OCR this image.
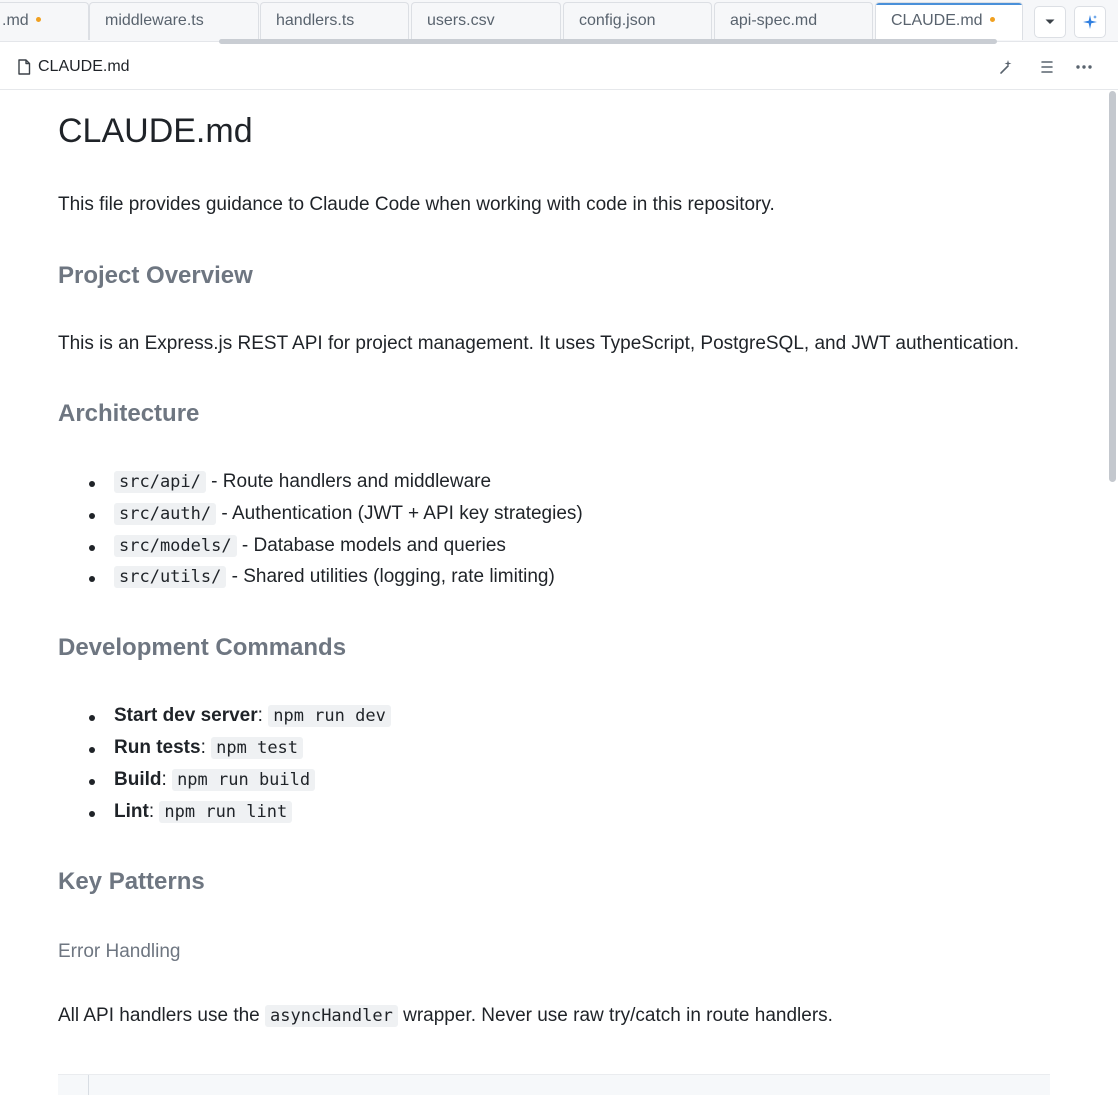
.md	middleware.ts	handlers.ts	users.csv	config.json	api-spec.md	CLAUDE.md
CLAUDE.md
CLAUDE.md
This file provides guidance to Claude Code when working with code in this repository.
Project Overview
This is an Express.js REST API for project management. It uses TypeScript, PostgreSQL, and JWT authentication.
Architecture
src/api/ - Route handlers and middleware
src/auth/ - Authentication (JWT + API key strategies)
src/models/ - Database models and queries
src/utils/ - Shared utilities (logging, rate limiting)
Development Commands
Start dev server: npm run dev
Run tests: npm test
Build: npm run build
Lint: npm run lint
Key Patterns
Error Handling
All API handlers use the asyncHandler wrapper. Never use raw try/catch in route handlers.
